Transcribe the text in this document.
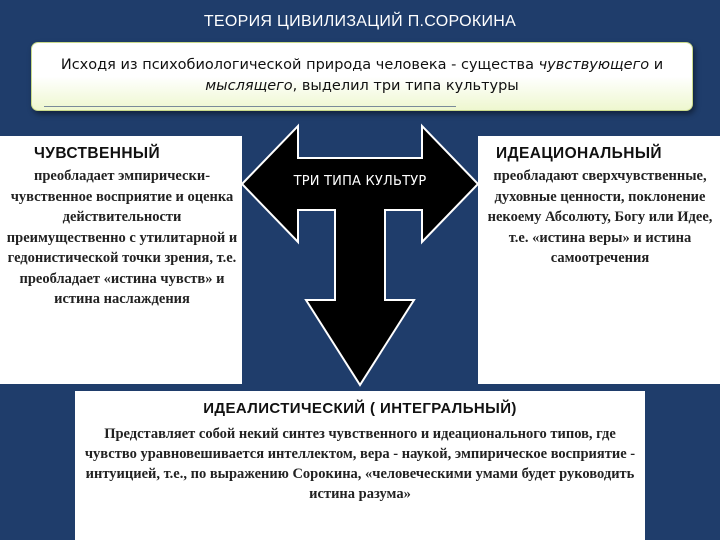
ТЕОРИЯ ЦИВИЛИЗАЦИЙ П.СОРОКИНА
Исходя из психобиологической природа человека - существа чувствующего и мыслящего, выделил три типа культуры
ЧУВСТВЕННЫЙ
преобладает эмпирически-чувственное восприятие и оценка действительности преимущественно с утилитарной и гедонистической точки зрения, т.е. преобладает «истина чувств» и истина наслаждения
ИДЕАЦИОНАЛЬНЫЙ
преобладают сверхчувственные, духовные ценности, поклонение некоему Абсолюту, Богу или Идее, т.е. «истина веры» и истина самоотречения
ИДЕАЛИСТИЧЕСКИЙ ( ИНТЕГРАЛЬНЫЙ)
Представляет собой некий синтез чувственного и идеационального типов, где чувство уравновешивается интеллектом, вера - наукой, эмпирическое восприятие - интуицией, т.е., по выражению Сорокина, «человеческими умами будет руководить истина разума»
ТРИ ТИПА КУЛЬТУР
